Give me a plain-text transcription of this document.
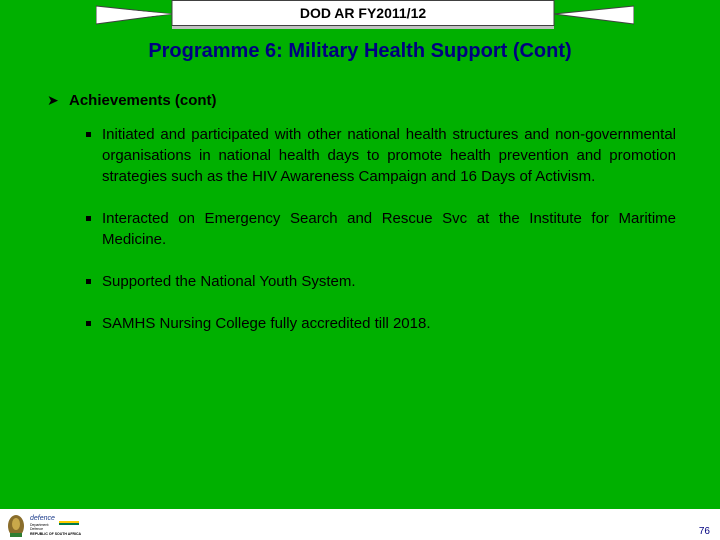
DOD AR FY2011/12
Programme 6: Military Health Support (Cont)
➤ Achievements (cont)
Initiated and participated with other national health structures and non-governmental organisations in national health days to promote health prevention and promotion strategies such as the HIV Awareness Campaign and 16 Days of Activism.
Interacted on Emergency Search and Rescue Svc at the Institute for Maritime Medicine.
Supported the National Youth System.
SAMHS Nursing College fully accredited till 2018.
defence
Department:
Defence
REPUBLIC OF SOUTH AFRICA	76
